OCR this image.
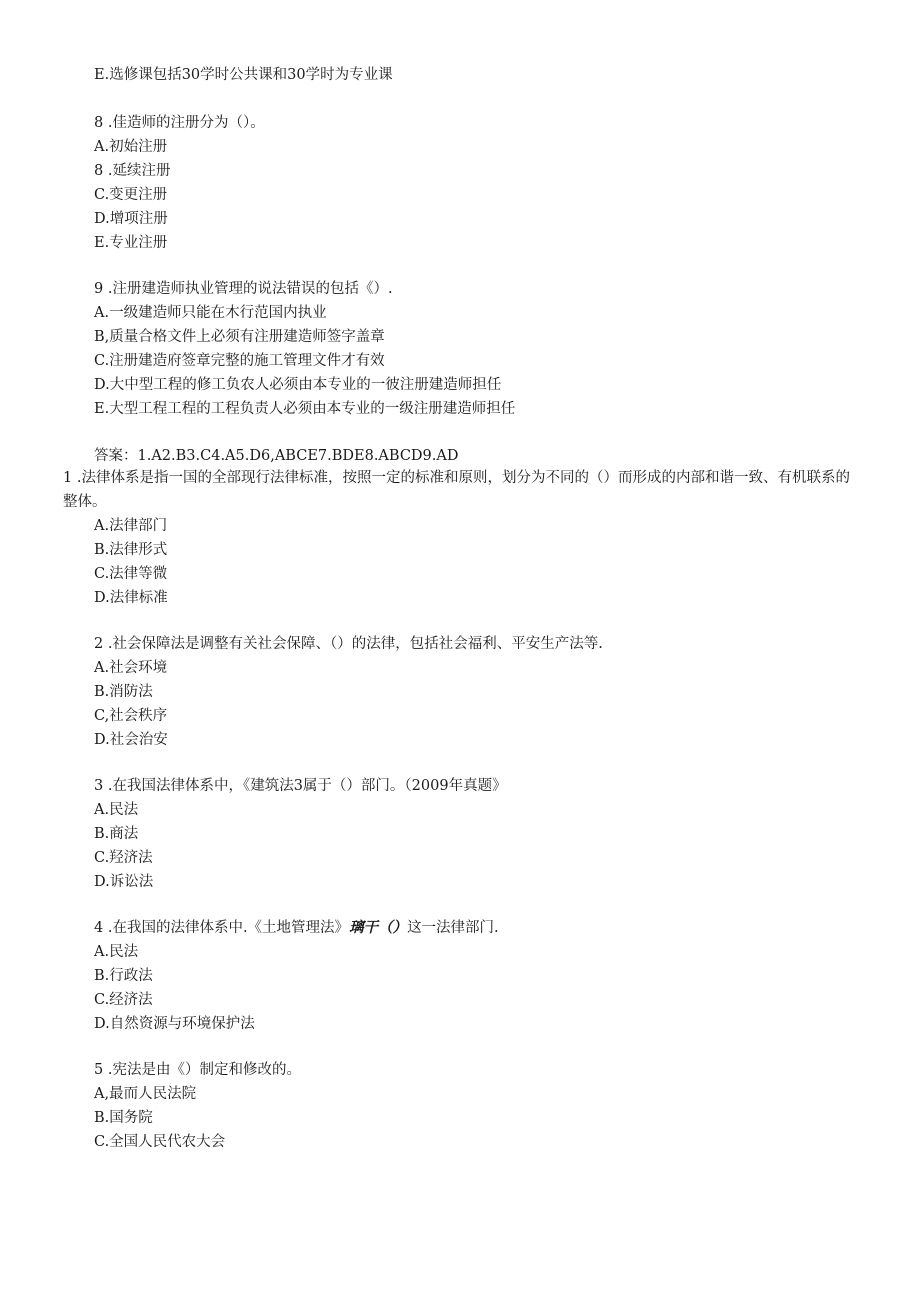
E.选修课包括30学时公共课和30学时为专业课
8 .佳造师的注册分为（）。
A.初始注册
8 .延续注册
C.变更注册
D.增项注册
E.专业注册
9 .注册建造师执业管理的说法错误的包括《）.
A.一级建造师只能在木行范国内执业
B,质量合格文件上必须有注册建造师签字盖章
C.注册建造府签章完整的施工管理文件才有效
D.大中型工程的修工负农人必须由本专业的一彼注册建造师担任
E.大型工程工程的工程负责人必须由本专业的一级注册建造师担任
答案：1.A2.B3.C4.A5.D6,ABCE7.BDE8.ABCD9.AD
1 .法律体系是指一国的全部现行法律标准，按照一定的标准和原则，划分为不同的（）而形成的内部和谐一致、有机联系的整体。
A.法律部门
B.法律形式
C.法律等微
D.法律标准
2 .社会保障法是调整有关社会保障、（）的法律，包括社会福利、平安生产法等.
A.社会环境
B.消防法
C,社会秩序
D.社会治安
3 .在我国法律体系中，《建筑法3属于（）部门。（2009年真题》
A.民法
B.商法
C.羟济法
D.诉讼法
4 .在我国的法律体系中.《土地管理法》璃干（）这一法律部门.
A.民法
B.行政法
C.经济法
D.自然资源与环境保护法
5 .宪法是由《）制定和修改的。
A,最而人民法院
B.国务院
C.全国人民代农大会
